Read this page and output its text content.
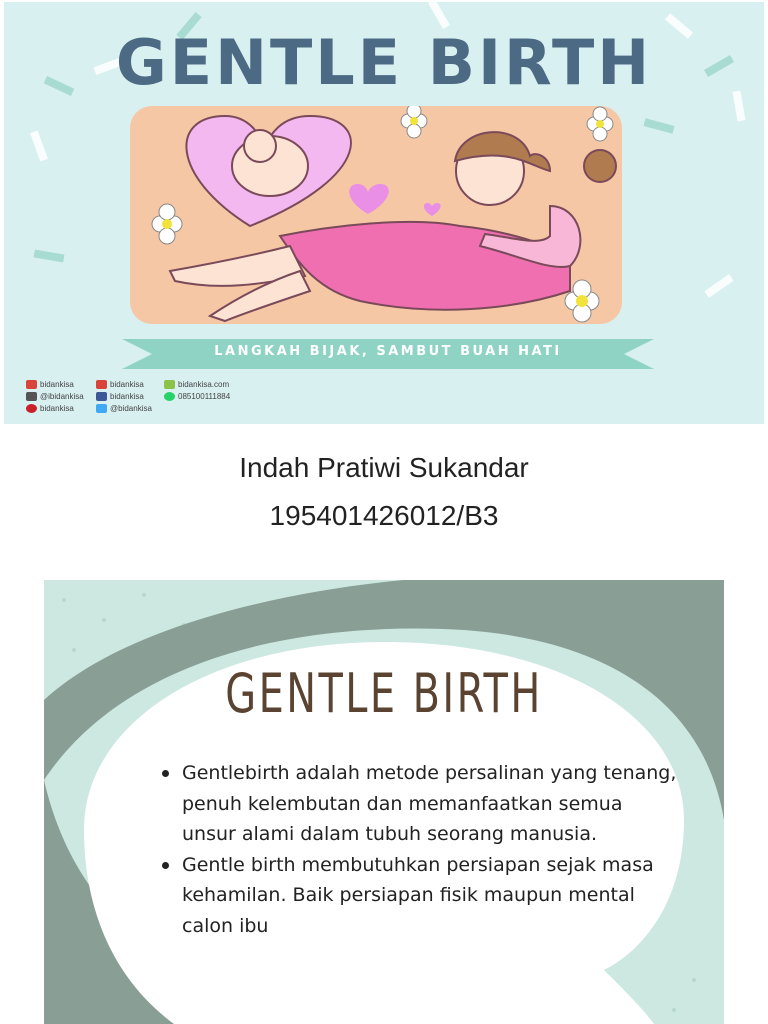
GENTLE BIRTH
LANGKAH BIJAK, SAMBUT BUAH HATI
bidankisa
@ibidankisa
bidankisa
bidankisa
bidankisa
@bidankisa
bidankisa.com
085100111884
Indah Pratiwi Sukandar
195401426012/B3
GENTLE BIRTH
Gentlebirth adalah metode persalinan yang tenang, penuh kelembutan dan memanfaatkan semua unsur alami dalam tubuh seorang manusia.
Gentle birth membutuhkan persiapan sejak masa kehamilan. Baik persiapan fisik maupun mental calon ibu
